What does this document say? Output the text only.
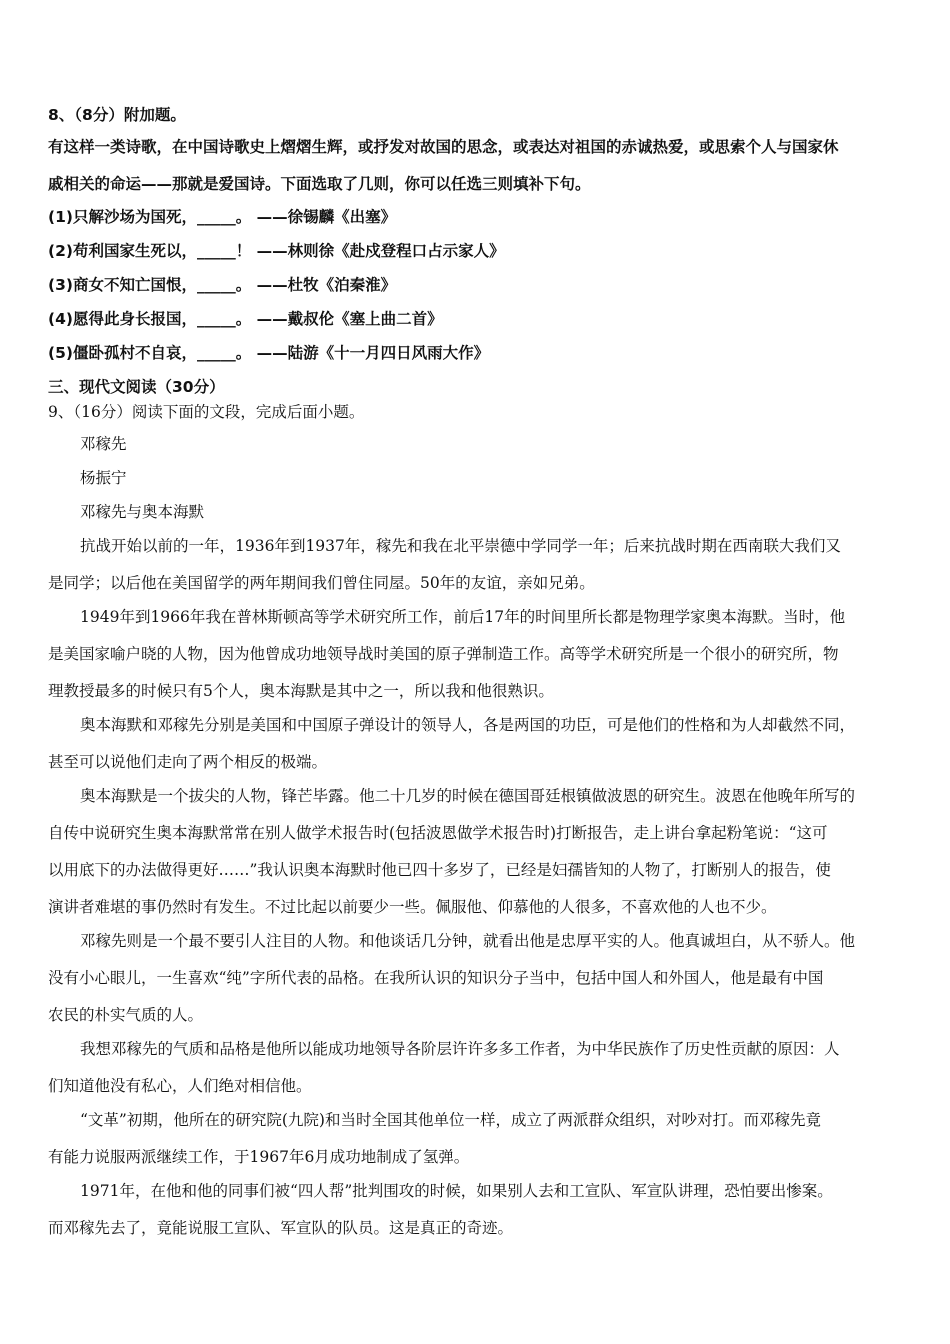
8、（8分）附加题。
有这样一类诗歌，在中国诗歌史上熠熠生辉，或抒发对故国的思念，或表达对祖国的赤诚热爱，或思索个人与国家休
戚相关的命运——那就是爱国诗。下面选取了几则，你可以任选三则填补下句。
(1)只解沙场为国死，_____。 ——徐锡麟《出塞》
(2)苟利国家生死以，_____！ ——林则徐《赴戍登程口占示家人》
(3)商女不知亡国恨，_____。 ——杜牧《泊秦淮》
(4)愿得此身长报国，_____。 ——戴叔伦《塞上曲二首》
(5)僵卧孤村不自哀，_____。 ——陆游《十一月四日风雨大作》
三、现代文阅读（30分）
9、（16分）阅读下面的文段，完成后面小题。
邓稼先
杨振宁
邓稼先与奥本海默
抗战开始以前的一年，1936年到1937年，稼先和我在北平崇德中学同学一年；后来抗战时期在西南联大我们又
是同学；以后他在美国留学的两年期间我们曾住同屋。50年的友谊，亲如兄弟。
1949年到1966年我在普林斯顿高等学术研究所工作，前后17年的时间里所长都是物理学家奥本海默。当时，他
是美国家喻户晓的人物，因为他曾成功地领导战时美国的原子弹制造工作。高等学术研究所是一个很小的研究所，物
理教授最多的时候只有5个人，奥本海默是其中之一，所以我和他很熟识。
奥本海默和邓稼先分别是美国和中国原子弹设计的领导人，各是两国的功臣，可是他们的性格和为人却截然不同，
甚至可以说他们走向了两个相反的极端。
奥本海默是一个拔尖的人物，锋芒毕露。他二十几岁的时候在德国哥廷根镇做波恩的研究生。波恩在他晚年所写的
自传中说研究生奥本海默常常在别人做学术报告时(包括波恩做学术报告时)打断报告，走上讲台拿起粉笔说：“这可
以用底下的办法做得更好……”我认识奥本海默时他已四十多岁了，已经是妇孺皆知的人物了，打断别人的报告，使
演讲者难堪的事仍然时有发生。不过比起以前要少一些。佩服他、仰慕他的人很多，不喜欢他的人也不少。
邓稼先则是一个最不要引人注目的人物。和他谈话几分钟，就看出他是忠厚平实的人。他真诚坦白，从不骄人。他
没有小心眼儿，一生喜欢“纯”字所代表的品格。在我所认识的知识分子当中，包括中国人和外国人，他是最有中国
农民的朴实气质的人。
我想邓稼先的气质和品格是他所以能成功地领导各阶层许许多多工作者，为中华民族作了历史性贡献的原因：人
们知道他没有私心，人们绝对相信他。
“文革”初期，他所在的研究院(九院)和当时全国其他单位一样，成立了两派群众组织，对吵对打。而邓稼先竟
有能力说服两派继续工作，于1967年6月成功地制成了氢弹。
1971年，在他和他的同事们被“四人帮”批判围攻的时候，如果别人去和工宣队、军宣队讲理，恐怕要出惨案。
而邓稼先去了，竟能说服工宣队、军宣队的队员。这是真正的奇迹。
